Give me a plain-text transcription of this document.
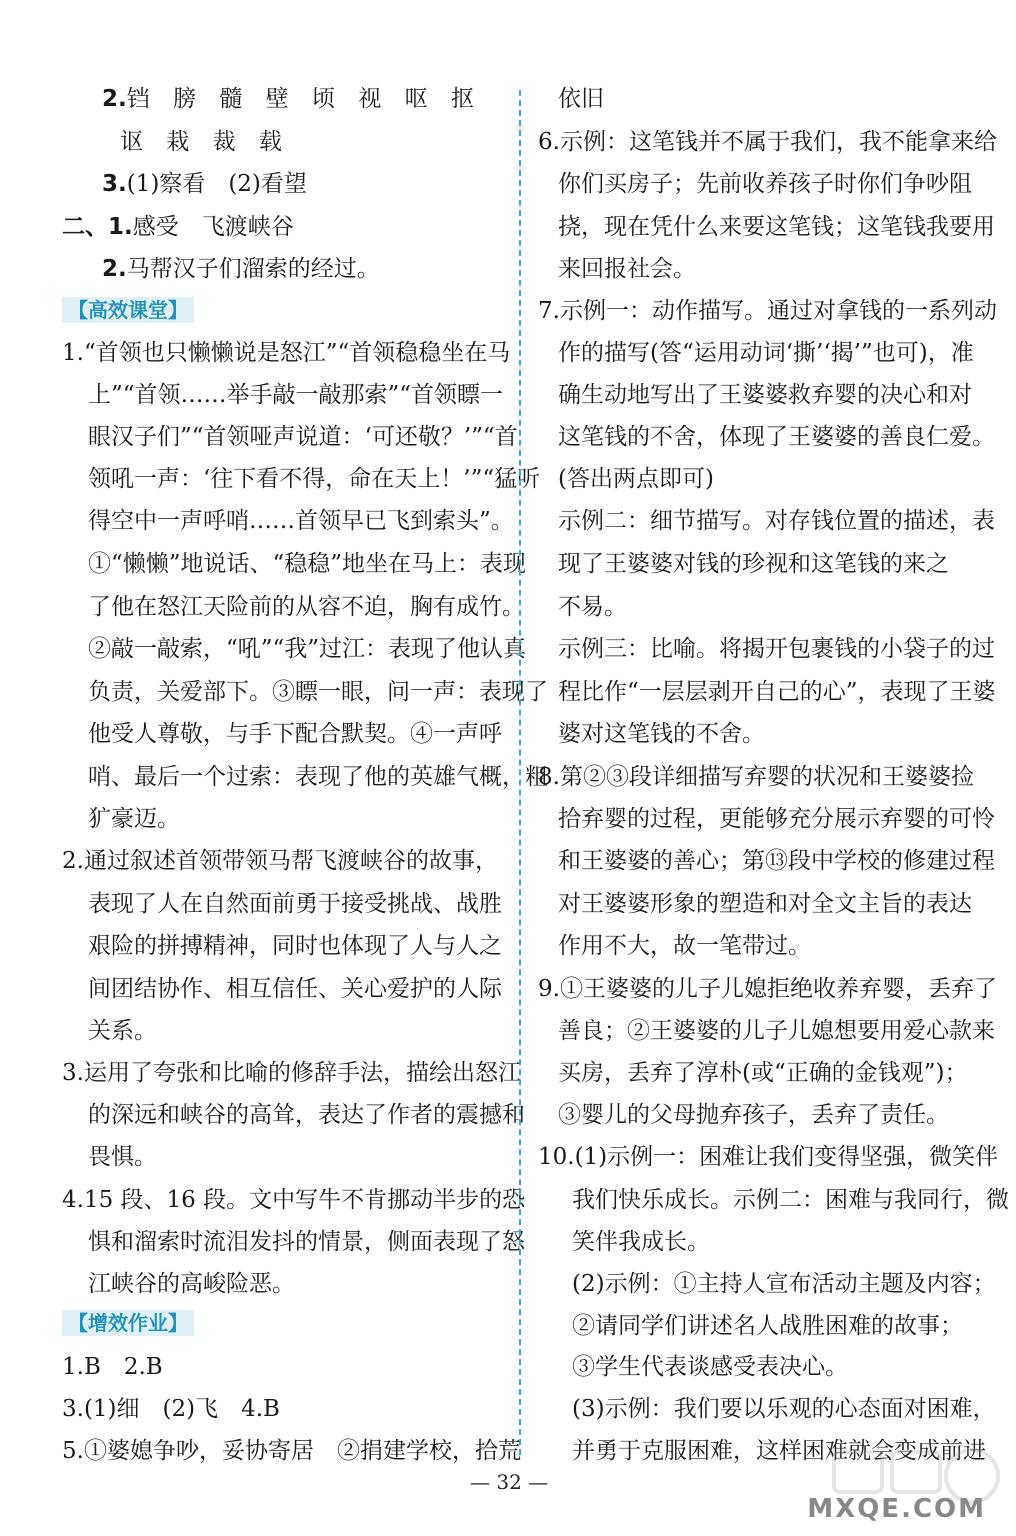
2.铛 膀 髓 壁 顷 视 呕 抠
讴 栽 裁 载
3.(1)察看　(2)看望
二、1.感受　飞渡峡谷
2.马帮汉子们溜索的经过。
【高效课堂】
1.“首领也只懒懒说是怒江”“首领稳稳坐在马
上”“首领……举手敲一敲那索”“首领瞟一
眼汉子们”“首领哑声说道：‘可还敬？’”“首
领吼一声：‘往下看不得，命在天上！’”“猛听
得空中一声呼哨……首领早已飞到索头”。
①“懒懒”地说话、“稳稳”地坐在马上：表现
了他在怒江天险前的从容不迫，胸有成竹。
②敲一敲索，“吼”“我”过江：表现了他认真
负责，关爱部下。③瞟一眼，问一声：表现了
他受人尊敬，与手下配合默契。④一声呼
哨、最后一个过索：表现了他的英雄气概，粗
犷豪迈。
2.通过叙述首领带领马帮飞渡峡谷的故事，
表现了人在自然面前勇于接受挑战、战胜
艰险的拼搏精神，同时也体现了人与人之
间团结协作、相互信任、关心爱护的人际
关系。
3.运用了夸张和比喻的修辞手法，描绘出怒江
的深远和峡谷的高耸，表达了作者的震撼和
畏惧。
4.15 段、16 段。文中写牛不肯挪动半步的恐
惧和溜索时流泪发抖的情景，侧面表现了怒
江峡谷的高峻险恶。
【增效作业】
1.B　2.B
3.(1)细　(2)飞　4.B
5.①婆媳争吵，妥协寄居　②捐建学校，拾荒
依旧
6.示例：这笔钱并不属于我们，我不能拿来给
你们买房子；先前收养孩子时你们争吵阻
挠，现在凭什么来要这笔钱；这笔钱我要用
来回报社会。
7.示例一：动作描写。通过对拿钱的一系列动
作的描写(答“运用动词‘撕’‘揭’”也可)，准
确生动地写出了王婆婆救弃婴的决心和对
这笔钱的不舍，体现了王婆婆的善良仁爱。
(答出两点即可)
示例二：细节描写。对存钱位置的描述，表
现了王婆婆对钱的珍视和这笔钱的来之
不易。
示例三：比喻。将揭开包裹钱的小袋子的过
程比作“一层层剥开自己的心”，表现了王婆
婆对这笔钱的不舍。
8.第②③段详细描写弃婴的状况和王婆婆捡
拾弃婴的过程，更能够充分展示弃婴的可怜
和王婆婆的善心；第⑬段中学校的修建过程
对王婆婆形象的塑造和对全文主旨的表达
作用不大，故一笔带过。
9.①王婆婆的儿子儿媳拒绝收养弃婴，丢弃了
善良；②王婆婆的儿子儿媳想要用爱心款来
买房，丢弃了淳朴(或“正确的金钱观”)；
③婴儿的父母抛弃孩子，丢弃了责任。
10.(1)示例一：困难让我们变得坚强，微笑伴
我们快乐成长。示例二：困难与我同行，微
笑伴我成长。
(2)示例：①主持人宣布活动主题及内容；
②请同学们讲述名人战胜困难的故事；
③学生代表谈感受表决心。
(3)示例：我们要以乐观的心态面对困难，
并勇于克服困难，这样困难就会变成前进
— 32 —
MXQE.COM
